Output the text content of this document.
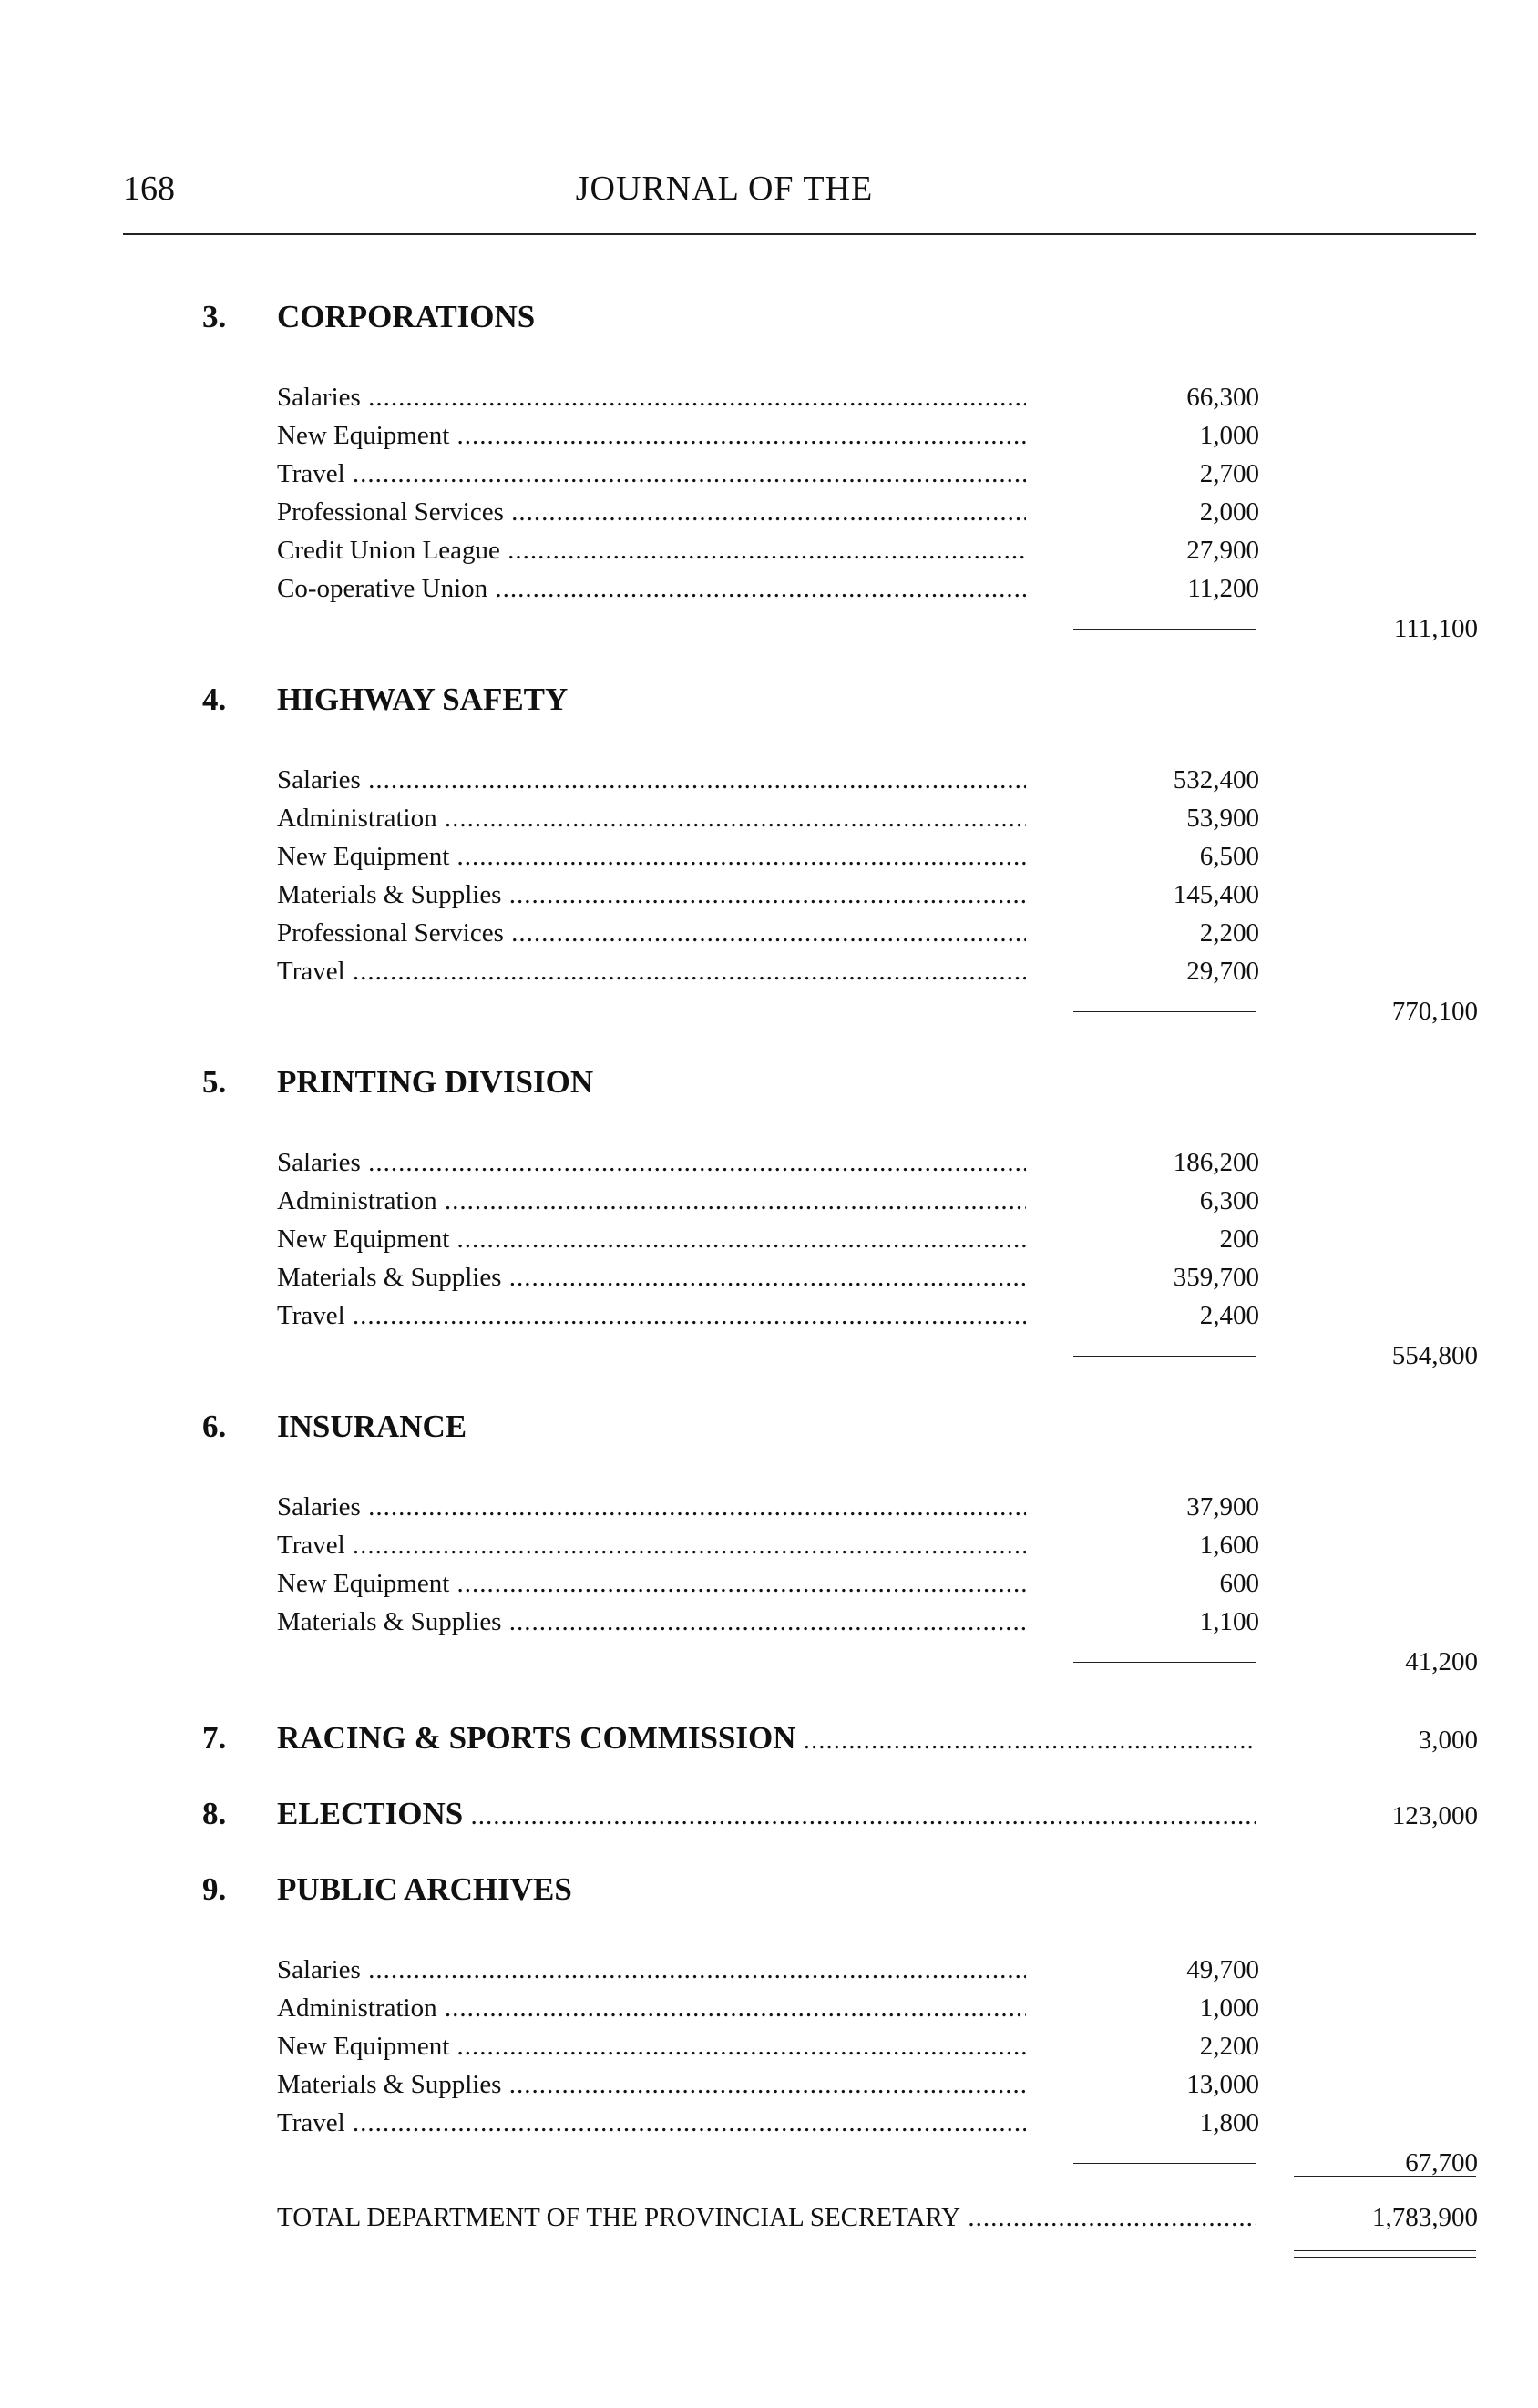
168	JOURNAL OF THE
3. CORPORATIONS
Salaries .....	66,300
New Equipment .....	1,000
Travel .....	2,700
Professional Services .....	2,000
Credit Union League .....	27,900
Co-operative Union .....	11,200
111,100
4. HIGHWAY SAFETY
Salaries .....	532,400
Administration .....	53,900
New Equipment .....	6,500
Materials & Supplies .....	145,400
Professional Services .....	2,200
Travel .....	29,700
770,100
5. PRINTING DIVISION
Salaries .....	186,200
Administration .....	6,300
New Equipment .....	200
Materials & Supplies .....	359,700
Travel .....	2,400
554,800
6. INSURANCE
Salaries .....	37,900
Travel .....	1,600
New Equipment .....	600
Materials & Supplies .....	1,100
41,200
7. RACING & SPORTS COMMISSION .....	3,000
8. ELECTIONS .....	123,000
9. PUBLIC ARCHIVES
Salaries .....	49,700
Administration .....	1,000
New Equipment .....	2,200
Materials & Supplies .....	13,000
Travel .....	1,800
67,700
TOTAL DEPARTMENT OF THE PROVINCIAL SECRETARY .....	1,783,900
